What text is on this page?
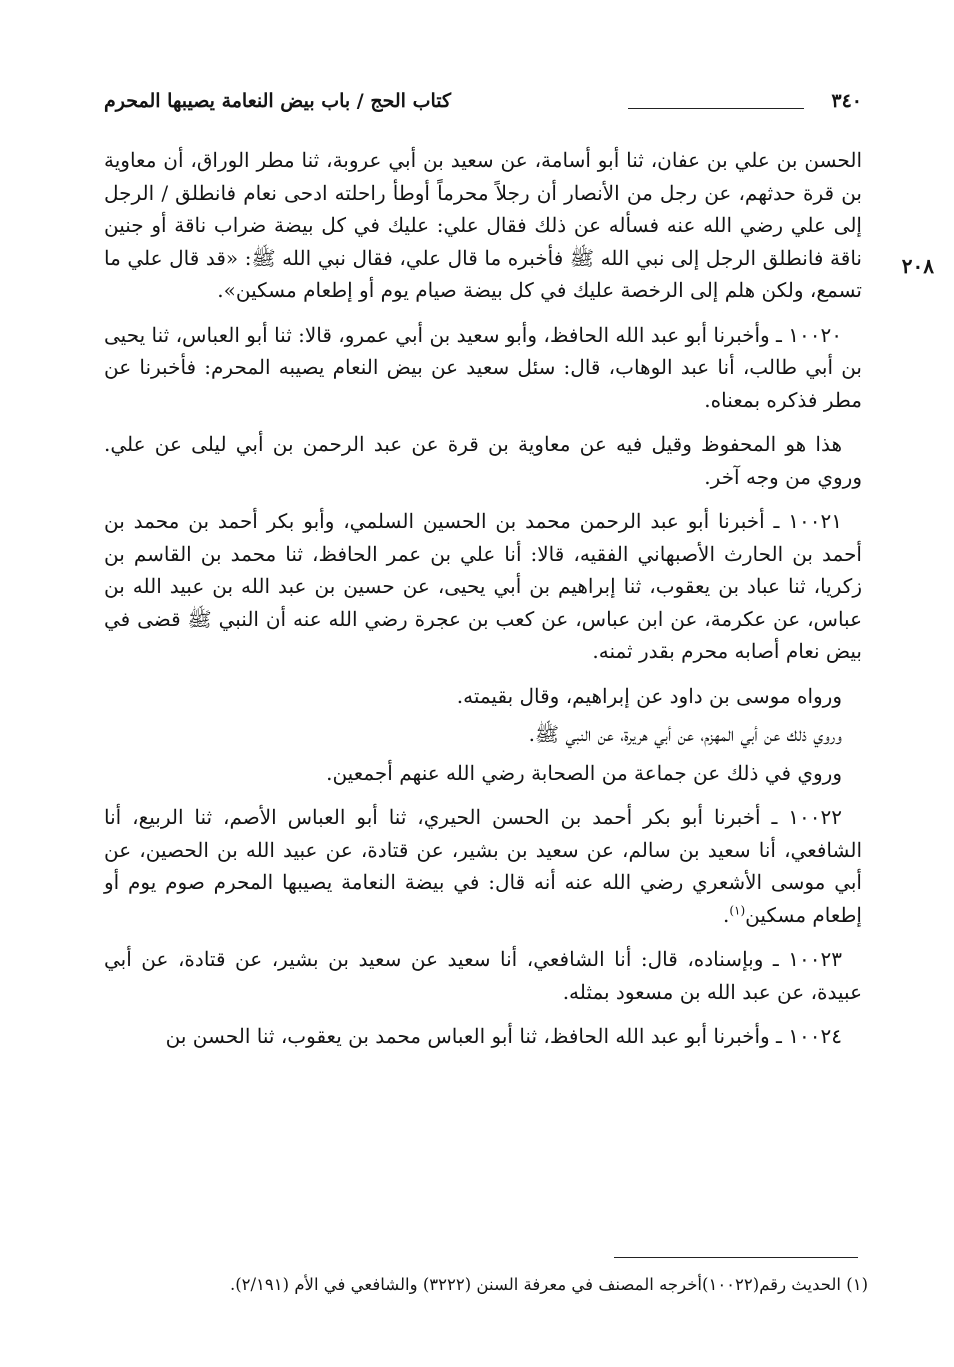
٣٤٠
كتاب الحج / باب بيض النعامة يصيبها المحرم
٢٠٨

الحسن بن علي بن عفان، ثنا أبو أسامة، عن سعيد بن أبي عروبة، ثنا مطر الوراق، أن معاوية بن قرة حدثهم، عن رجل من الأنصار أن رجلاً محرماً أوطأ راحلته ادحى نعام فانطلق / الرجل إلى علي رضي الله عنه فسأله عن ذلك فقال علي: عليك في كل بيضة ضراب ناقة أو جنين ناقة فانطلق الرجل إلى نبي الله ﷺ فأخبره ما قال علي، فقال نبي الله ﷺ: «قد قال علي ما تسمع، ولكن هلم إلى الرخصة عليك في كل بيضة صيام يوم أو إطعام مسكين».

١٠٠٢٠ ـ وأخبرنا أبو عبد الله الحافظ، وأبو سعيد بن أبي عمرو، قالا: ثنا أبو العباس، ثنا يحيى بن أبي طالب، أنا عبد الوهاب، قال: سئل سعيد عن بيض النعام يصيبه المحرم: فأخبرنا عن مطر فذكره بمعناه.

هذا هو المحفوظ وقيل فيه عن معاوية بن قرة عن عبد الرحمن بن أبي ليلى عن علي. وروي من وجه آخر.

١٠٠٢١ ـ أخبرنا أبو عبد الرحمن محمد بن الحسين السلمي، وأبو بكر أحمد بن محمد بن أحمد بن الحارث الأصبهاني الفقيه، قالا: أنا علي بن عمر الحافظ، ثنا محمد بن القاسم بن زكريا، ثنا عباد بن يعقوب، ثنا إبراهيم بن أبي يحيى، عن حسين بن عبد الله بن عبيد الله بن عباس، عن عكرمة، عن ابن عباس، عن كعب بن عجرة رضي الله عنه أن النبي ﷺ قضى في بيض نعام أصابه محرم بقدر ثمنه.

ورواه موسى بن داود عن إبراهيم، وقال بقيمته.

وروي ذلك عن أبي المهزم، عن أبي هريرة، عن النبي ﷺ.

وروي في ذلك عن جماعة من الصحابة رضي الله عنهم أجمعين.

١٠٠٢٢ ـ أخبرنا أبو بكر أحمد بن الحسن الحيري، ثنا أبو العباس الأصم، ثنا الربيع، أنا الشافعي، أنا سعيد بن سالم، عن سعيد بن بشير، عن قتادة، عن عبيد الله بن الحصين، عن أبي موسى الأشعري رضي الله عنه أنه قال: في بيضة النعامة يصيبها المحرم صوم يوم أو إطعام مسكين$^{(١)}$.

١٠٠٢٣ ـ وبإسناده، قال: أنا الشافعي، أنا سعيد عن سعيد بن بشير، عن قتادة، عن أبي عبيدة، عن عبد الله بن مسعود بمثله.

١٠٠٢٤ ـ وأخبرنا أبو عبد الله الحافظ، ثنا أبو العباس محمد بن يعقوب، ثنا الحسن بن

(١) الحديث رقم(١٠٠٢٢)أخرجه المصنف في معرفة السنن (٣٢٢٢) والشافعي في الأم (٢/١٩١).
